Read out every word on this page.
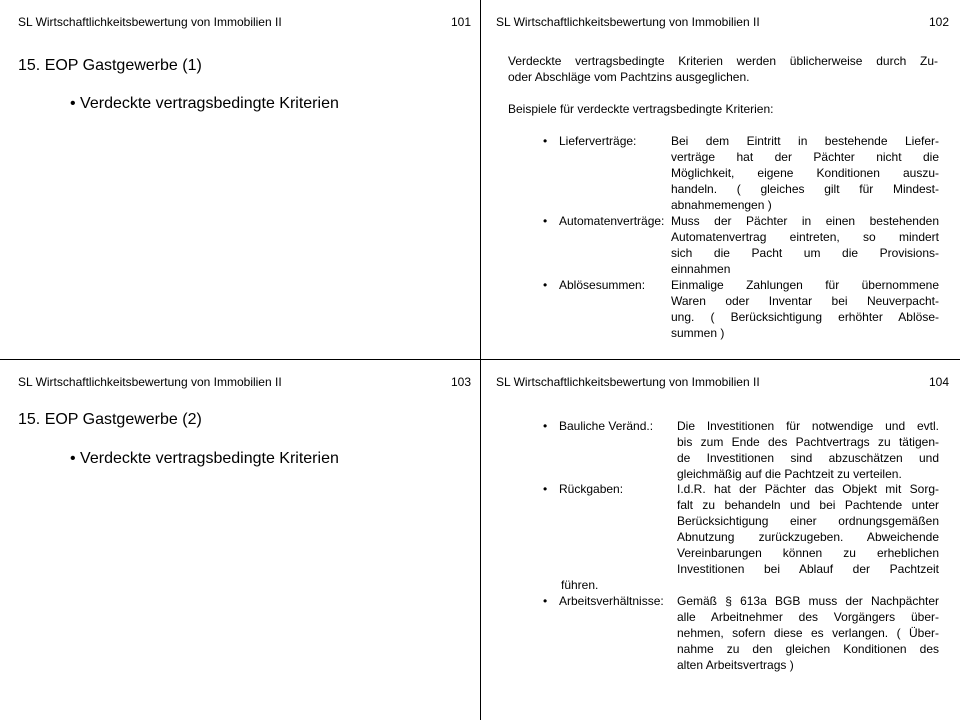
SL Wirtschaftlichkeitsbewertung von Immobilien II	101
15. EOP Gastgewerbe (1)
• Verdeckte vertragsbedingte Kriterien
SL Wirtschaftlichkeitsbewertung von Immobilien II	102
Verdeckte vertragsbedingte Kriterien werden üblicherweise durch Zu-
oder Abschläge vom Pachtzins ausgeglichen.
Beispiele für verdeckte vertragsbedingte Kriterien:
• Lieferverträge:	Bei dem Eintritt in bestehende Liefer-
verträge hat der Pächter nicht die
Möglichkeit, eigene Konditionen auszu-
handeln. ( gleiches gilt für Mindest-
abnahmemengen )
• Automatenverträge: Muss der Pächter in einen bestehenden
Automatenvertrag eintreten, so mindert
sich die Pacht um die Provisions-
einnahmen
• Ablösesummen: Einmalige Zahlungen für übernommene
Waren oder Inventar bei Neuverpacht-
ung. ( Berücksichtigung erhöhter Ablöse-
summen )
SL Wirtschaftlichkeitsbewertung von Immobilien II	103
15. EOP Gastgewerbe (2)
• Verdeckte vertragsbedingte Kriterien
SL Wirtschaftlichkeitsbewertung von Immobilien II	104
• Bauliche Veränd.: Die Investitionen für notwendige und evtl.
bis zum Ende des Pachtvertrags zu tätigen-
de Investitionen sind abzuschätzen und
gleichmäßig auf die Pachtzeit zu verteilen.
• Rückgaben:	I.d.R. hat der Pächter das Objekt mit Sorg-
falt zu behandeln und bei Pachtende unter
Berücksichtigung einer ordnungsgemäßen
Abnutzung zurückzugeben. Abweichende
Vereinbarungen können zu erheblichen
Investitionen bei Ablauf der Pachtzeit
führen.
• Arbeitsverhältnisse: Gemäß § 613a BGB muss der Nachpächter
alle Arbeitnehmer des Vorgängers über-
nehmen, sofern diese es verlangen. ( Über-
nahme zu den gleichen Konditionen des
alten Arbeitsvertrags )
